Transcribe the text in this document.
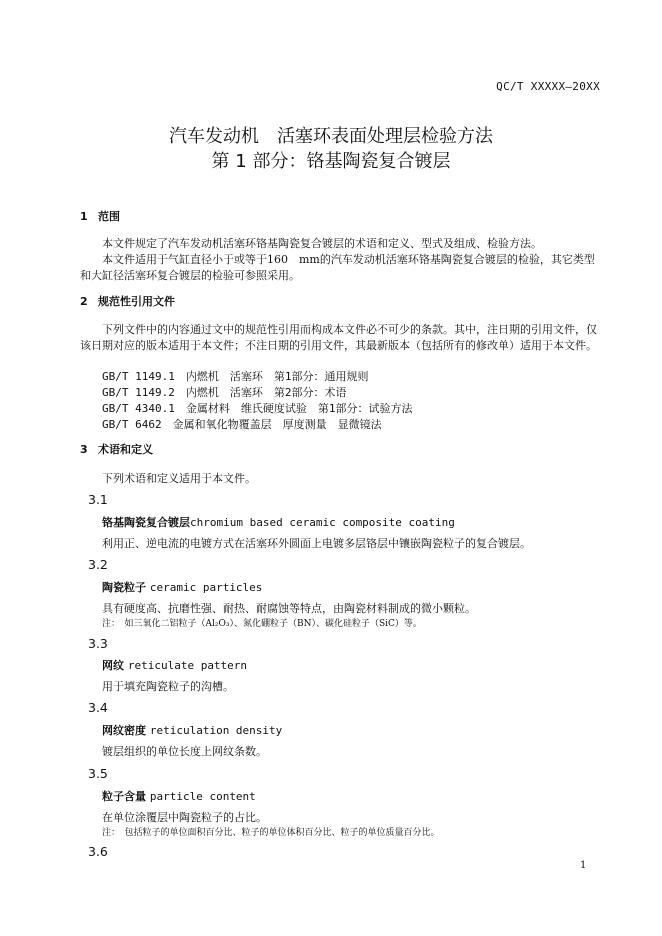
QC/T XXXXX—20XX
汽车发动机　活塞环表面处理层检验方法
第 1 部分：铬基陶瓷复合镀层
1 范围
本文件规定了汽车发动机活塞环铬基陶瓷复合镀层的术语和定义、型式及组成、检验方法。
本文件适用于气缸直径小于或等于160　mm的汽车发动机活塞环铬基陶瓷复合镀层的检验，其它类型和大缸径活塞环复合镀层的检验可参照采用。
2 规范性引用文件
下列文件中的内容通过文中的规范性引用而构成本文件必不可少的条款。其中，注日期的引用文件，仅该日期对应的版本适用于本文件；不注日期的引用文件，其最新版本（包括所有的修改单）适用于本文件。
GB/T 1149.1　内燃机　活塞环　第1部分：通用规则
GB/T 1149.2　内燃机　活塞环　第2部分：术语
GB/T 4340.1　金属材料　维氏硬度试验　第1部分：试验方法
GB/T 6462　金属和氧化物覆盖层　厚度测量　显微镜法
3 术语和定义
下列术语和定义适用于本文件。
3.1
铬基陶瓷复合镀层chromium based ceramic composite coating
利用正、逆电流的电镀方式在活塞环外圆面上电镀多层铬层中镶嵌陶瓷粒子的复合镀层。
3.2
陶瓷粒子 ceramic particles
具有硬度高、抗磨性强、耐热、耐腐蚀等特点，由陶瓷材料制成的微小颗粒。
注：　如三氧化二铝粒子（Al₂O₃）、氮化硼粒子（BN）、碳化硅粒子（SiC）等。
3.3
网纹 reticulate pattern
用于填充陶瓷粒子的沟槽。
3.4
网纹密度 reticulation density
镀层组织的单位长度上网纹条数。
3.5
粒子含量 particle content
在单位涂覆层中陶瓷粒子的占比。
注：　包括粒子的单位面积百分比、粒子的单位体积百分比、粒子的单位质量百分比。
3.6
1
